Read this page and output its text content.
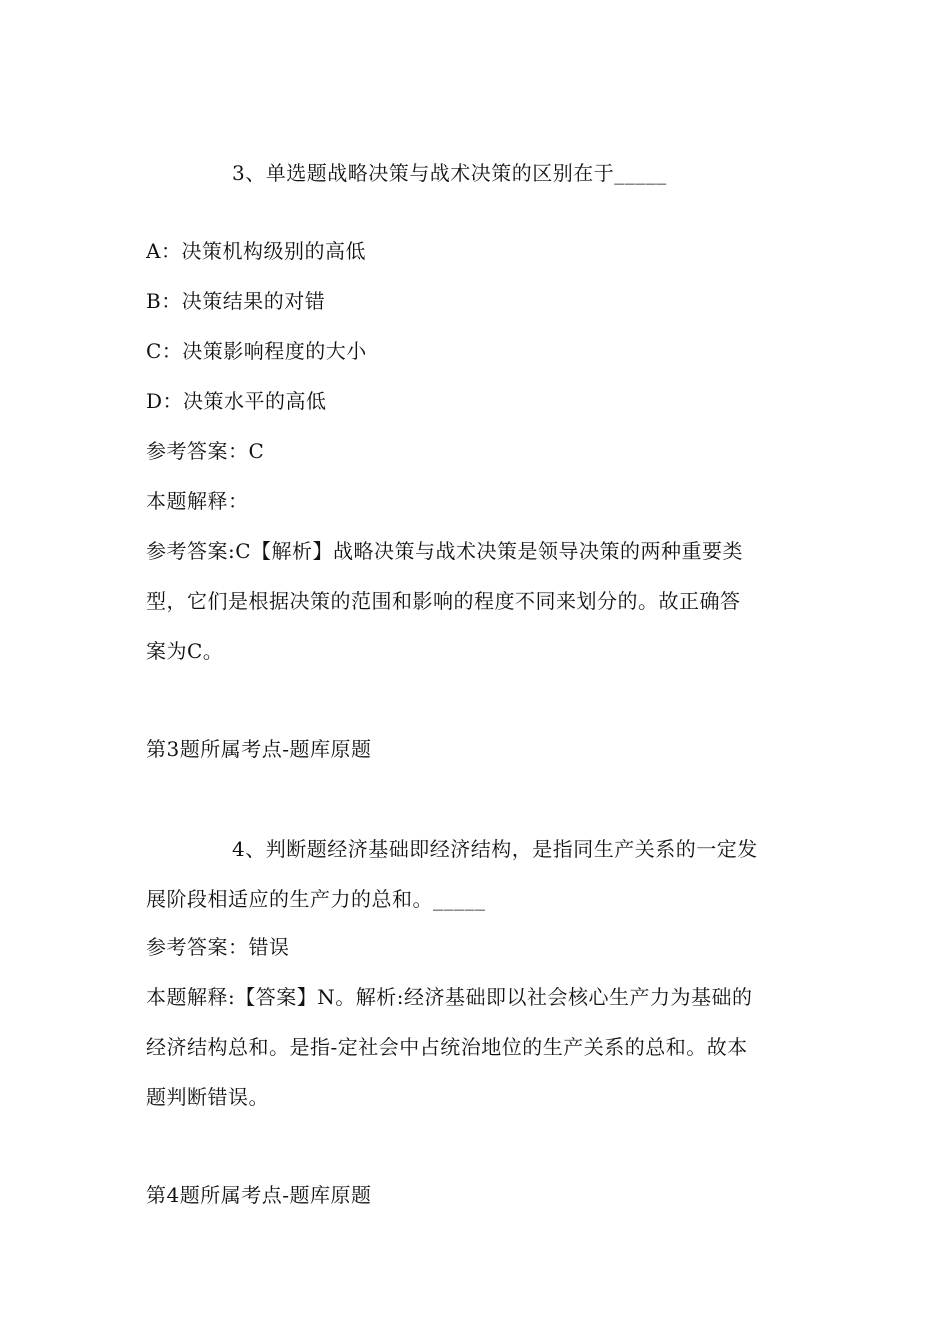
3、单选题战略决策与战术决策的区别在于_____
A：决策机构级别的高低
B：决策结果的对错
C：决策影响程度的大小
D：决策水平的高低
参考答案：C
本题解释：
参考答案:C【解析】战略决策与战术决策是领导决策的两种重要类
型，它们是根据决策的范围和影响的程度不同来划分的。故正确答
案为C。
第3题所属考点-题库原题
4、判断题经济基础即经济结构，是指同生产关系的一定发
展阶段相适应的生产力的总和。_____
参考答案：错误
本题解释:【答案】N。解析:经济基础即以社会核心生产力为基础的
经济结构总和。是指-定社会中占统治地位的生产关系的总和。故本
题判断错误。
第4题所属考点-题库原题
